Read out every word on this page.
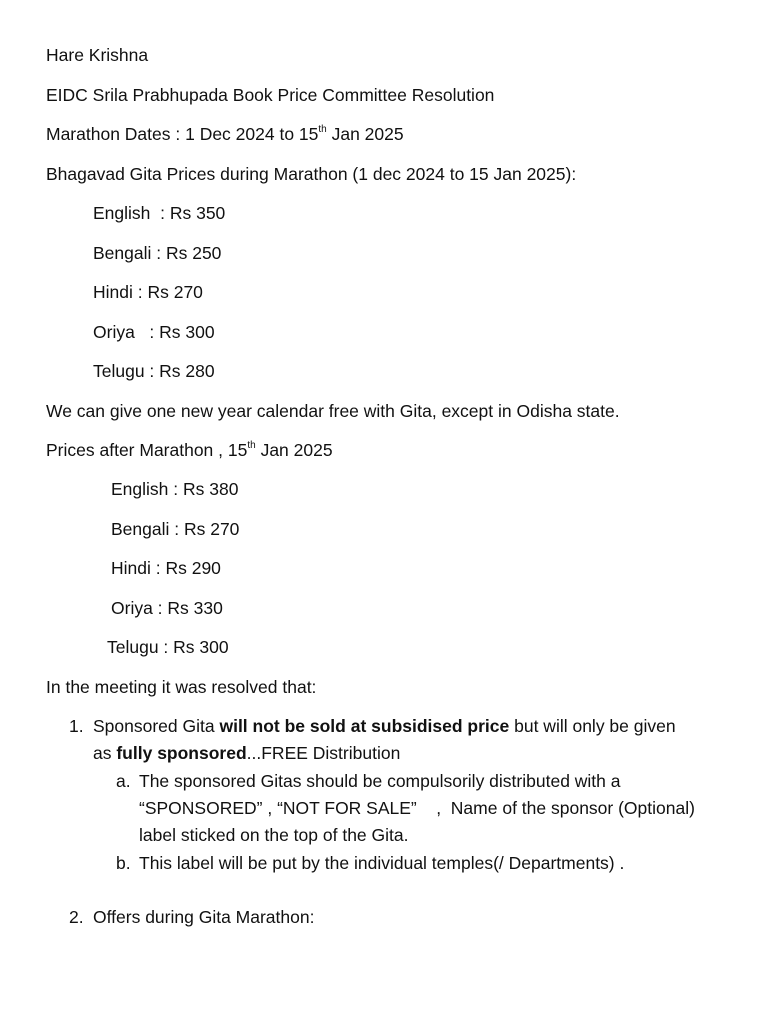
Hare Krishna
EIDC Srila Prabhupada Book Price Committee Resolution
Marathon Dates : 1 Dec 2024 to 15th Jan 2025
Bhagavad Gita Prices during Marathon (1 dec 2024 to 15 Jan 2025):
English  : Rs 350
Bengali : Rs 250
Hindi : Rs 270
Oriya   : Rs 300
Telugu : Rs 280
We can give one new year calendar free with Gita, except in Odisha state.
Prices after Marathon , 15th Jan 2025
English : Rs 380
Bengali : Rs 270
Hindi : Rs 290
Oriya : Rs 330
Telugu : Rs 300
In the meeting it was resolved that:
1. Sponsored Gita will not be sold at subsidised price but will only be given
as fully sponsored...FREE Distribution
a. The sponsored Gitas should be compulsorily distributed with a
“SPONSORED” , “NOT FOR SALE”    ,  Name of the sponsor (Optional)
label sticked on the top of the Gita.
b. This label will be put by the individual temples(/ Departments) .
2. Offers during Gita Marathon:
